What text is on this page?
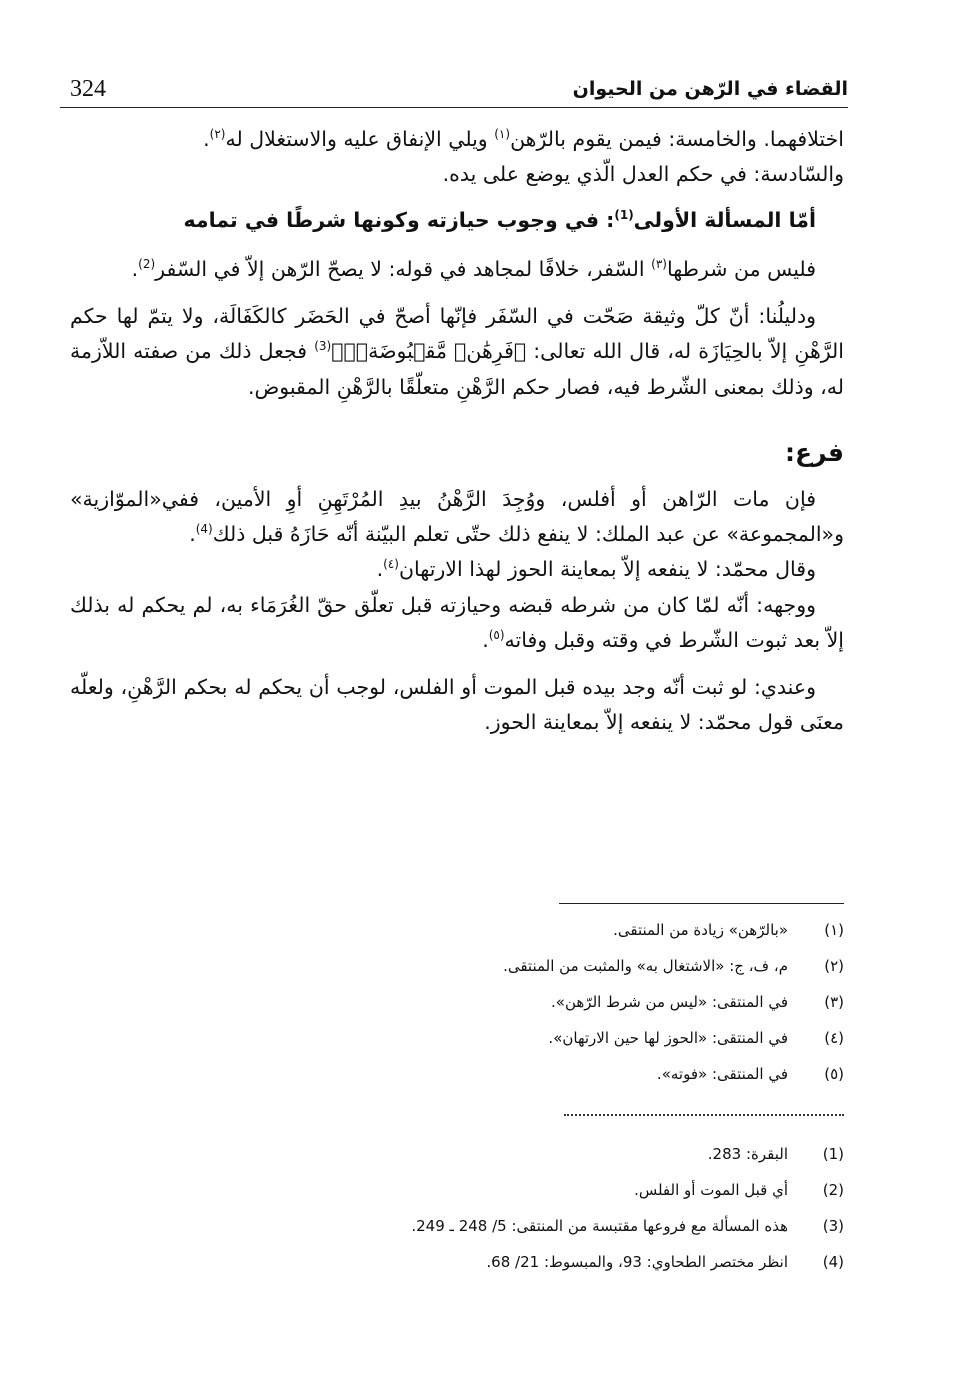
324	القضاء في الرّهن من الحيوان

اختلافهما. والخامسة: فيمن يقوم بالرّهن$^{(١)}$ ويلي الإنفاق عليه والاستغلال له$^{(٢)}$.

والسّادسة: في حكم العدل الّذي يوضع على يده.

أمّا المسألة الأولى$^{(1)}$: في وجوب حيازته وكونها شرطًا في تمامه

فليس من شرطها$^{(٣)}$ السّفر، خلافًا لمجاهد في قوله: لا يصحّ الرّهن إلاّ في السّفر$^{(2)}$.

ودليلُنا: أنّ كلّ وثيقة صَحّت في السّفَر فإنّها أصحّ في الحَضَر كالكَفَالَة، ولا يتمّ لها حكم الرَّهْنِ إلاّ بالحِيَازَة له، قال الله تعالى: ﴿فَرِهَٰنٞ مَّقۡبُوضَةٞۖ﴾$^{(3)}$ فجعل ذلك من صفته اللاّزمة له، وذلك بمعنى الشّرط فيه، فصار حكم الرَّهْنِ متعلّقًا بالرَّهْنِ المقبوض.

فرع:

فإن مات الرّاهن أو أفلس، ووُجِدَ الرَّهْنُ بيدِ المُرْتَهِنِ أوِ الأمين، ففي«الموّازية» و«المجموعة» عن عبد الملك: لا ينفع ذلك حتّى تعلم البيّنة أنّه حَازَهُ قبل ذلك$^{(4)}$.

وقال محمّد: لا ينفعه إلاّ بمعاينة الحوز لهذا الارتهان$^{(٤)}$.

ووجهه: أنّه لمّا كان من شرطه قبضه وحيازته قبل تعلّق حقّ الغُرَمَاء به، لم يحكم له بذلك إلاّ بعد ثبوت الشّرط في وقته وقبل وفاته$^{(٥)}$.

وعندي: لو ثبت أنّه وجد بيده قبل الموت أو الفلس، لوجب أن يحكم له بحكم الرَّهْنِ، ولعلّه معنَى قول محمّد: لا ينفعه إلاّ بمعاينة الحوز.

(١)
«بالرّهن» زيادة من المنتقى.
(٢)
م، ف، ج: «الاشتغال به» والمثبت من المنتقى.
(٣)
في المنتقى: «ليس من شرط الرّهن».
(٤)
في المنتقى: «الحوز لها حين الارتهان».
(٥)
في المنتقى: «فوته».
(1)
البقرة: 283.
(2)
أي قبل الموت أو الفلس.
(3)
هذه المسألة مع فروعها مقتبسة من المنتقى: 5/ 248 ـ 249.
(4)
انظر مختصر الطحاوي: 93، والمبسوط: 21/ 68.
